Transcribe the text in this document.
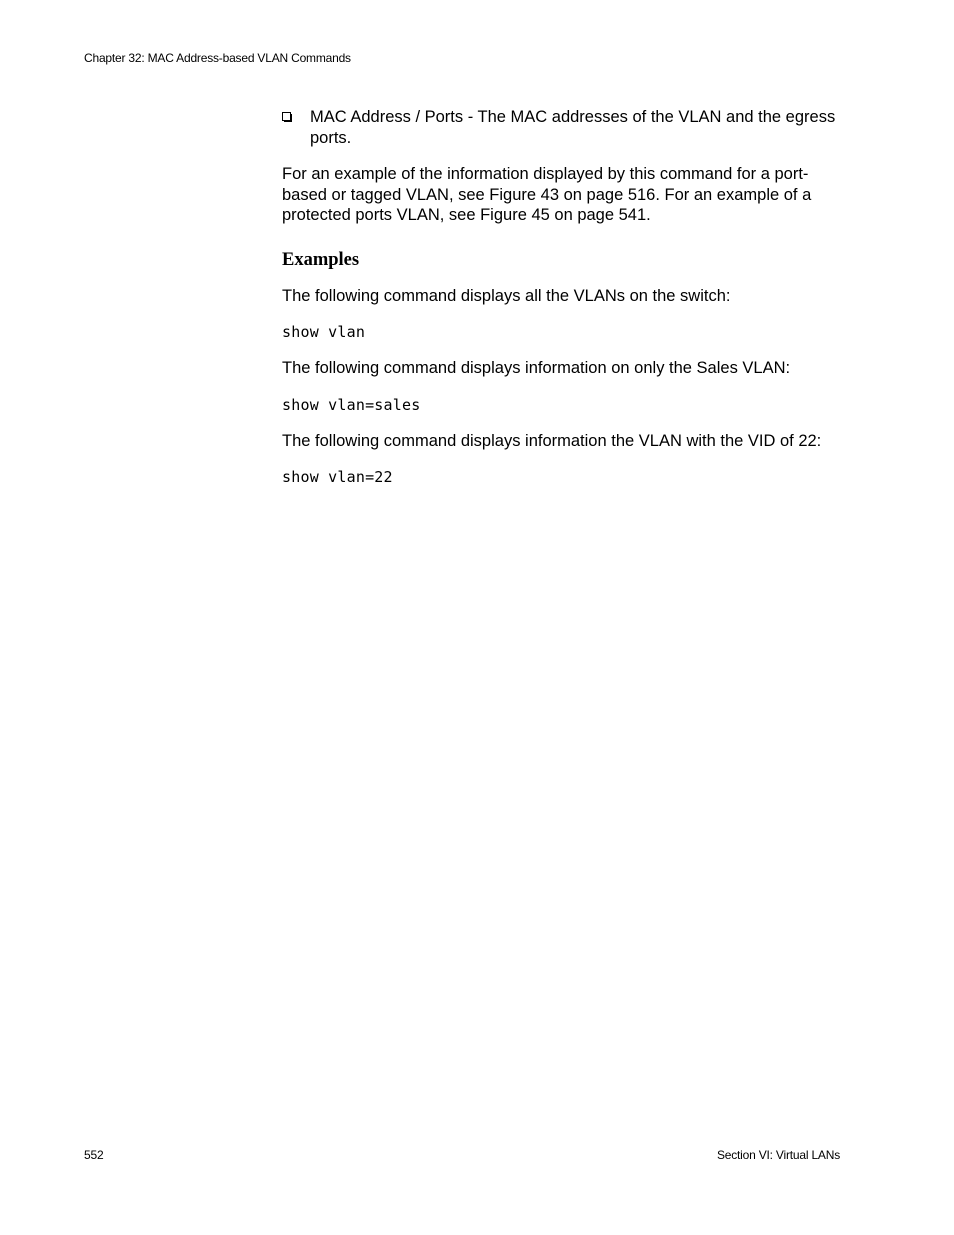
Chapter 32: MAC Address-based VLAN Commands
MAC Address / Ports - The MAC addresses of the VLAN and the egress ports.

For an example of the information displayed by this command for a port-
based or tagged VLAN, see Figure 43 on page 516. For an example of a
protected ports VLAN, see Figure 45 on page 541.

Examples

The following command displays all the VLANs on the switch:

show vlan

The following command displays information on only the Sales VLAN:

show vlan=sales

The following command displays information the VLAN with the VID of 22:

show vlan=22
552	Section VI: Virtual LANs
